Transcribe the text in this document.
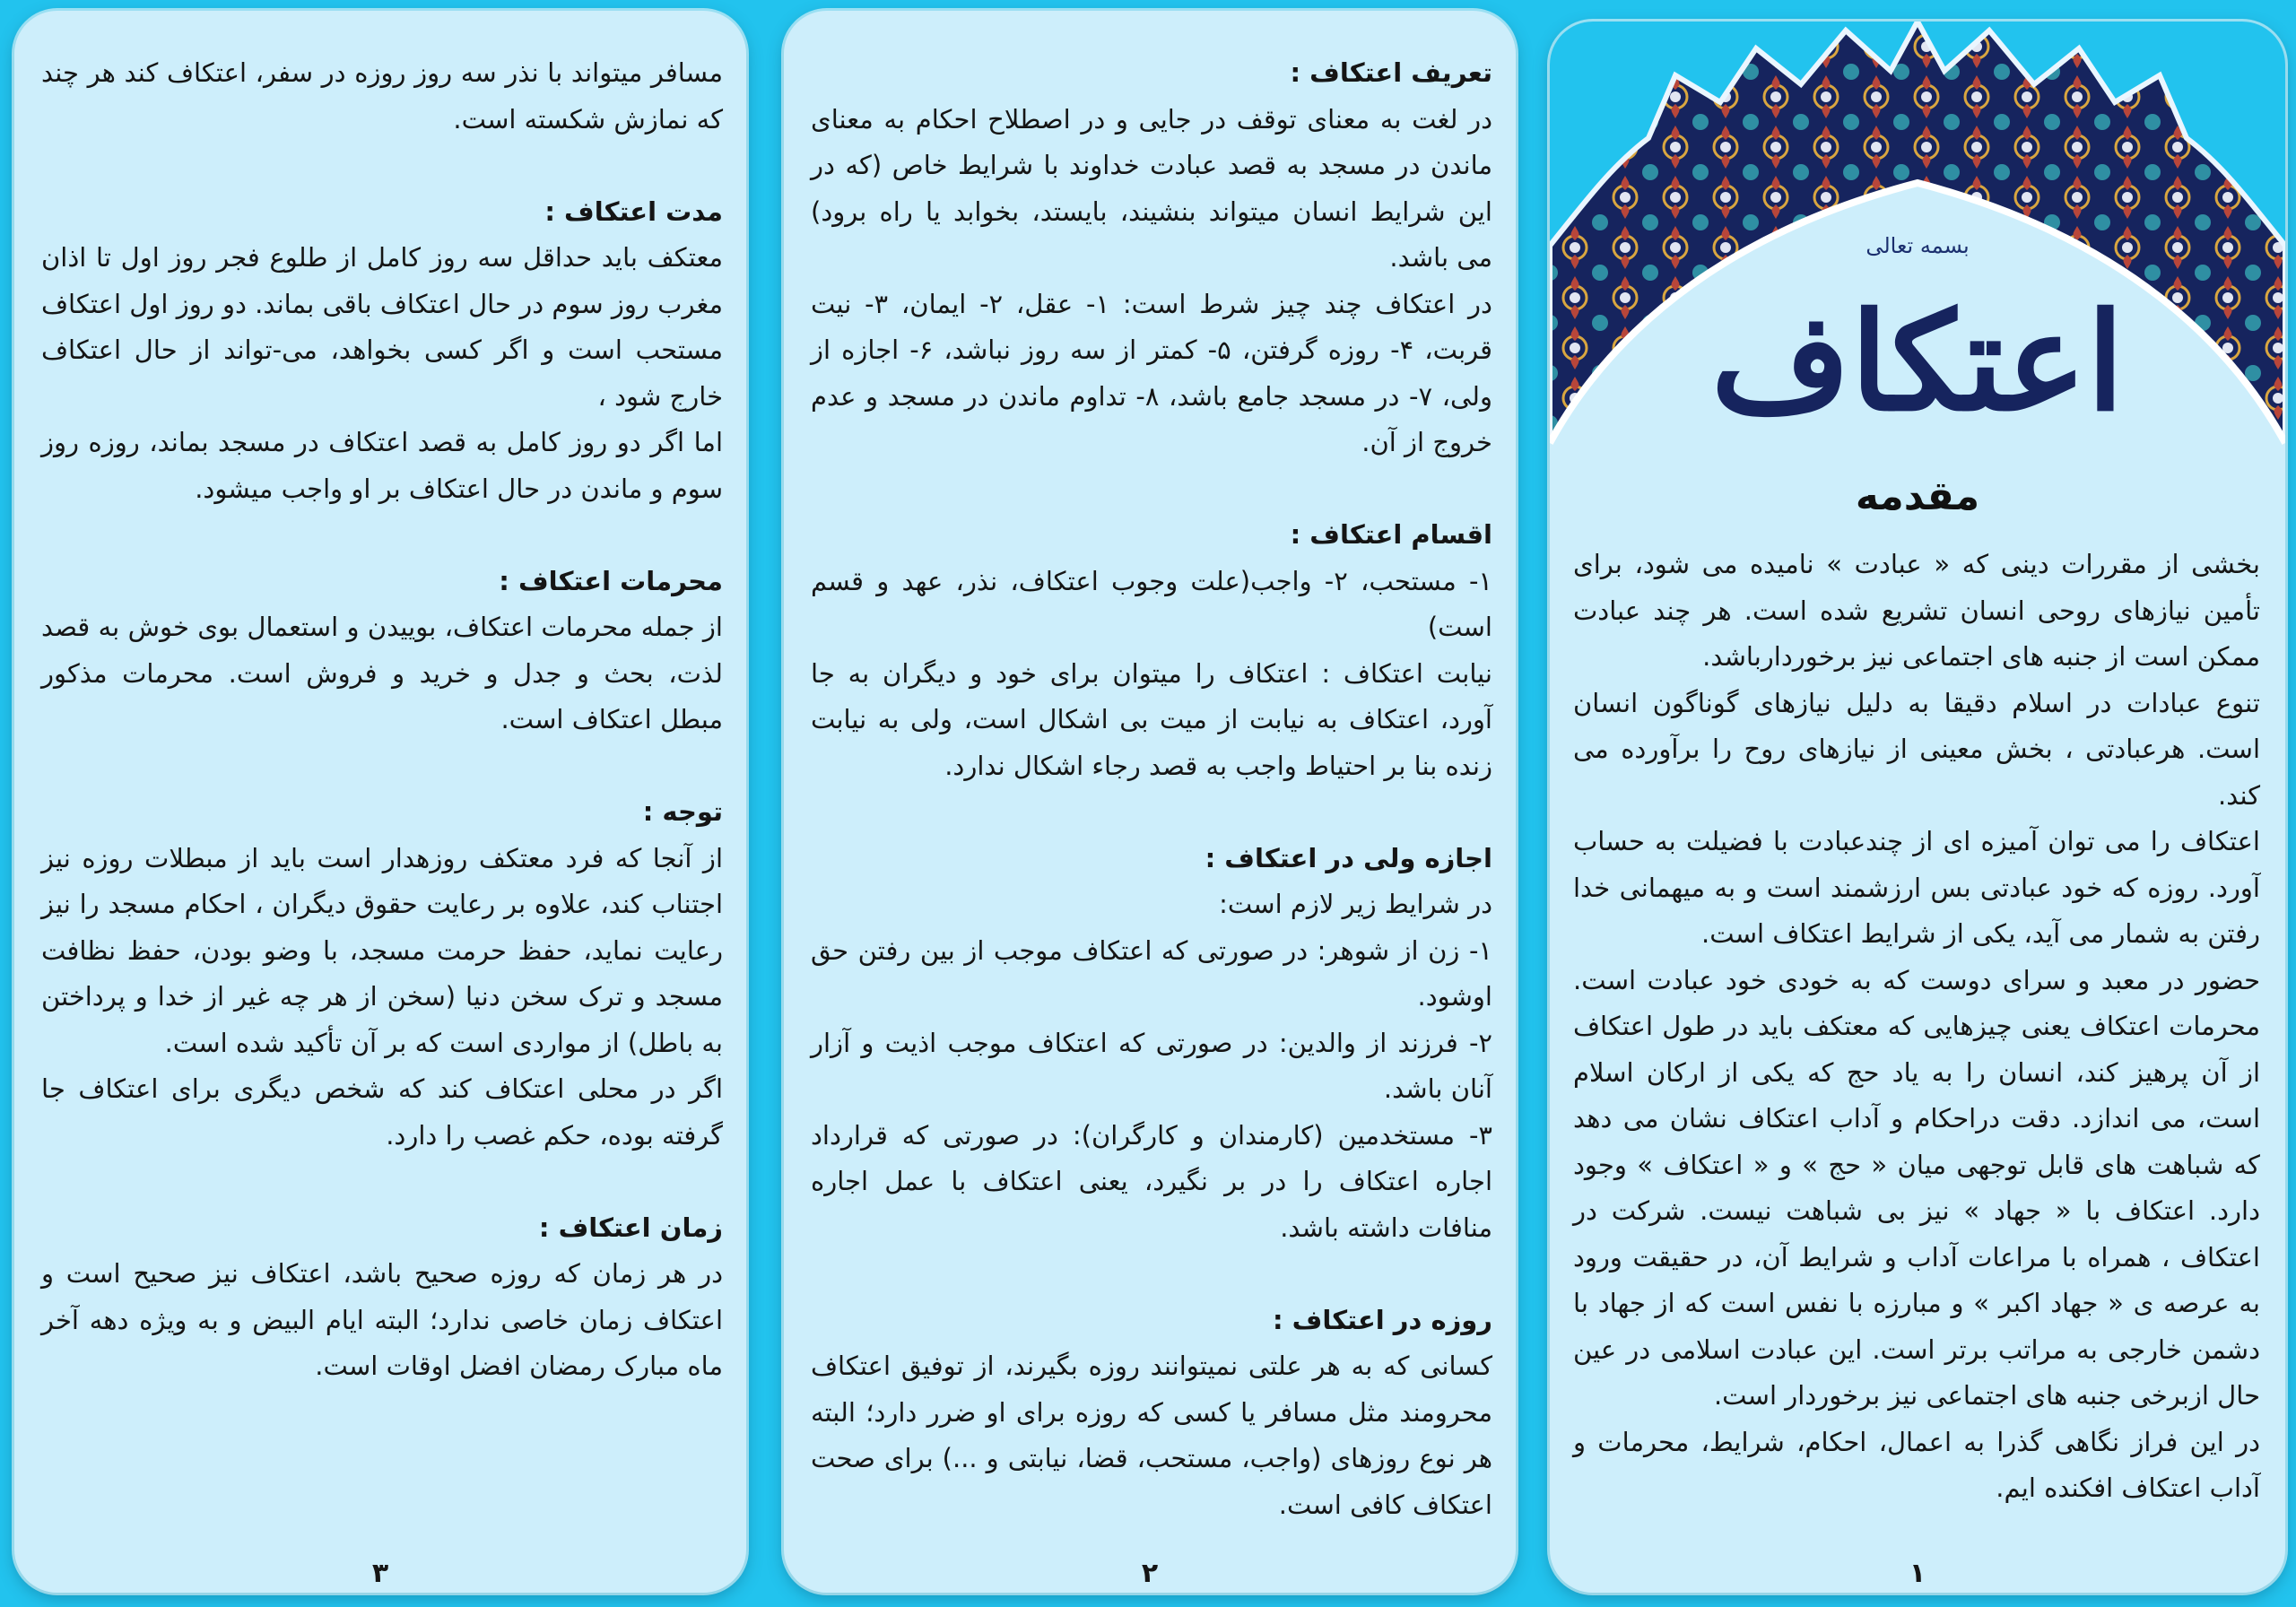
مسافر میتواند با نذر سه روز روزه در سفر، اعتکاف کند هر چند که نمازش شکسته است.

مدت اعتکاف :

معتکف باید حداقل سه روز کامل از طلوع فجر روز اول تا اذان مغرب روز سوم در حال اعتکاف باقی بماند. دو روز اول اعتکاف مستحب است و اگر کسی بخواهد، می-تواند از حال اعتکاف خارج شود ،

اما اگر دو روز کامل به قصد اعتکاف در مسجد بماند، روزه روز سوم و ماندن در حال اعتکاف بر او واجب میشود.

محرمات اعتکاف :

از جمله محرمات اعتکاف، بوییدن و استعمال بوی خوش به قصد لذت، بحث و جدل و خرید و فروش است. محرمات مذکور مبطل اعتکاف است.

توجه :

از آنجا که فرد معتکف روزهدار است باید از مبطلات روزه نیز اجتناب کند، علاوه بر رعایت حقوق دیگران ، احکام مسجد را نیز رعایت نماید، حفظ حرمت مسجد، با وضو بودن، حفظ نظافت مسجد و ترک سخن دنیا (سخن از هر چه غیر از خدا و پرداختن به باطل) از مواردی است که بر آن تأکید شده است.

اگر در محلی اعتکاف کند که شخص دیگری برای اعتکاف جا گرفته بوده، حکم غصب را دارد.

زمان اعتکاف :

در هر زمان که روزه صحیح باشد، اعتکاف نیز صحیح است و اعتکاف زمان خاصی ندارد؛ البته ایام البیض و به ویژه دهه آخر ماه مبارک رمضان افضل اوقات است.

٣

تعریف اعتکاف :

در لغت به معنای توقف در جایی و در اصطلاح احکام به معنای ماندن در مسجد به قصد عبادت خداوند با شرایط خاص (که در این شرایط انسان میتواند بنشیند، بایستد، بخوابد یا راه برود) می باشد.

در اعتکاف چند چیز شرط است: ١- عقل، ٢- ایمان، ٣- نیت قربت، ۴- روزه گرفتن، ۵- کمتر از سه روز نباشد، ۶- اجازه از ولی، ٧- در مسجد جامع باشد، ٨- تداوم ماندن در مسجد و عدم خروج از آن.

اقسام اعتکاف :

١- مستحب، ٢- واجب(علت وجوب اعتکاف، نذر، عهد و قسم است)

نیابت اعتکاف : اعتکاف را میتوان برای خود و دیگران به جا آورد، اعتکاف به نیابت از میت بی اشکال است، ولی به نیابت زنده بنا بر احتیاط واجب به قصد رجاء اشکال ندارد.

اجازه ولی در اعتکاف :

در شرایط زیر لازم است:

١- زن از شوهر: در صورتی که اعتکاف موجب از بین رفتن حق اوشود.

٢- فرزند از والدین: در صورتی که اعتکاف موجب اذیت و آزار آنان باشد.

٣- مستخدمین (کارمندان و کارگران): در صورتی که قرارداد اجاره اعتکاف را در بر نگیرد، یعنی اعتکاف با عمل اجاره منافات داشته باشد.

روزه در اعتکاف :

کسانی که به هر علتی نمیتوانند روزه بگیرند، از توفیق اعتکاف محرومند مثل مسافر یا کسی که روزه برای او ضرر دارد؛ البته هر نوع روزهای (واجب، مستحب، قضا، نیابتی و ...) برای صحت اعتکاف کافی است.

٢
بسمه تعالی
اعتکاف
مقدمه

بخشی از مقررات دینی که « عبادت » نامیده می شود، برای تأمین نیازهای روحی انسان تشریع شده است. هر چند عبادت ممکن است از جنبه های اجتماعی نیز برخوردارباشد.

تنوع عبادات در اسلام دقیقا به دلیل نیازهای گوناگون انسان است. هرعبادتی ، بخش معینی از نیازهای روح را برآورده می کند.

اعتکاف را می توان آمیزه ای از چندعبادت با فضیلت به حساب آورد. روزه که خود عبادتی بس ارزشمند است و به میهمانی خدا رفتن به شمار می آید، یکی از شرایط اعتکاف است.

حضور در معبد و سرای دوست که به خودی خود عبادت است. محرمات اعتکاف یعنی چیزهایی که معتکف باید در طول اعتکاف از آن پرهیز کند، انسان را به یاد حج که یکی از ارکان اسلام است، می اندازد. دقت دراحکام و آداب اعتکاف نشان می دهد که شباهت های قابل توجهی میان « حج » و « اعتکاف » وجود دارد. اعتکاف با « جهاد » نیز بی شباهت نیست. شرکت در اعتکاف ، همراه با مراعات آداب و شرایط آن، در حقیقت ورود به عرصه ی « جهاد اکبر » و مبارزه با نفس است که از جهاد با دشمن خارجی به مراتب برتر است. این عبادت اسلامی در عین حال ازبرخی جنبه های اجتماعی نیز برخوردار است.

در این فراز نگاهی گذرا به اعمال، احکام، شرایط، محرمات و آداب اعتکاف افکنده ایم.

١
